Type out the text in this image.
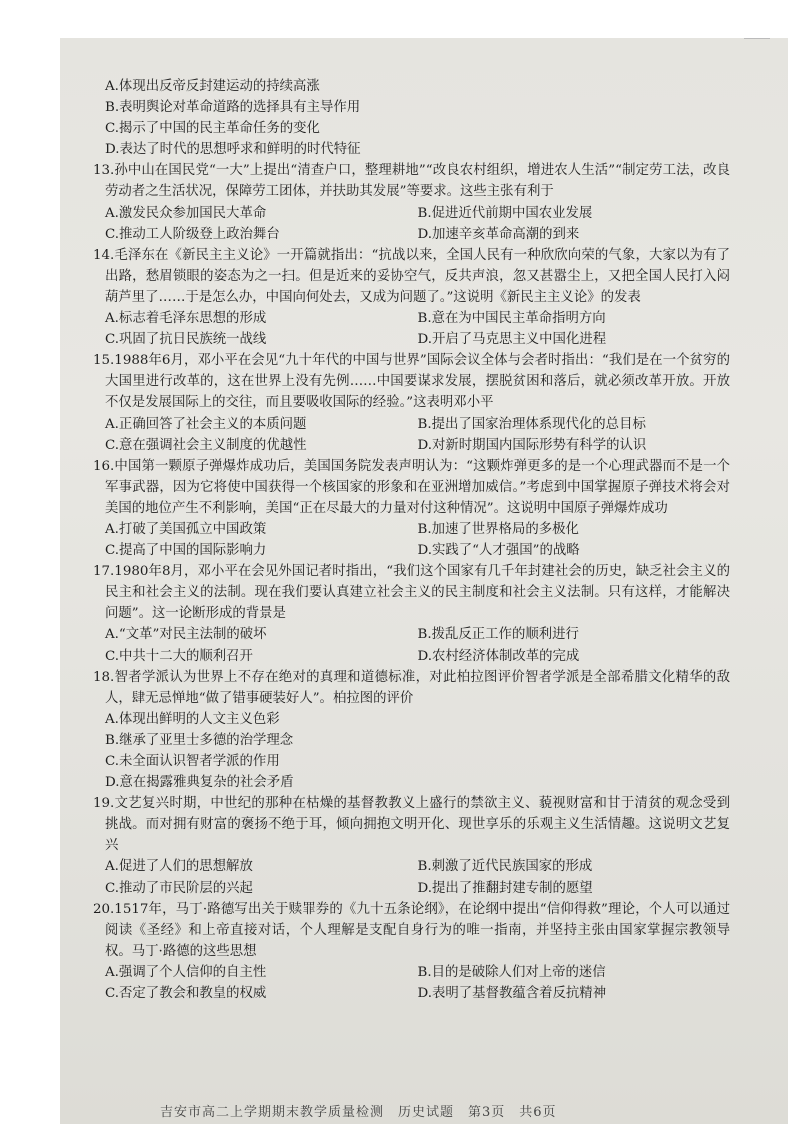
A.体现出反帝反封建运动的持续高涨
B.表明舆论对革命道路的选择具有主导作用
C.揭示了中国的民主革命任务的变化
D.表达了时代的思想呼求和鲜明的时代特征

13.孙中山在国民党“一大”上提出“清查户口，整理耕地”“改良农村组织，增进农人生活”“制定劳工法，改良劳动者之生活状况，保障劳工团体，并扶助其发展”等要求。这些主张有利于

A.激发民众参加国民大革命	B.促进近代前期中国农业发展
C.推动工人阶级登上政治舞台	D.加速辛亥革命高潮的到来

14.毛泽东在《新民主主义论》一开篇就指出：“抗战以来，全国人民有一种欣欣向荣的气象，大家以为有了出路，愁眉锁眼的姿态为之一扫。但是近来的妥协空气，反共声浪，忽又甚嚣尘上，又把全国人民打入闷葫芦里了……于是怎么办，中国向何处去，又成为问题了。”这说明《新民主主义论》的发表

A.标志着毛泽东思想的形成	B.意在为中国民主革命指明方向
C.巩固了抗日民族统一战线	D.开启了马克思主义中国化进程

15.1988年6月，邓小平在会见“九十年代的中国与世界”国际会议全体与会者时指出：“我们是在一个贫穷的大国里进行改革的，这在世界上没有先例……中国要谋求发展，摆脱贫困和落后，就必须改革开放。开放不仅是发展国际上的交往，而且要吸收国际的经验。”这表明邓小平

A.正确回答了社会主义的本质问题	B.提出了国家治理体系现代化的总目标
C.意在强调社会主义制度的优越性	D.对新时期国内国际形势有科学的认识

16.中国第一颗原子弹爆炸成功后，美国国务院发表声明认为：“这颗炸弹更多的是一个心理武器而不是一个军事武器，因为它将使中国获得一个核国家的形象和在亚洲增加威信。”考虑到中国掌握原子弹技术将会对美国的地位产生不利影响，美国“正在尽最大的力量对付这种情况”。这说明中国原子弹爆炸成功

A.打破了美国孤立中国政策	B.加速了世界格局的多极化
C.提高了中国的国际影响力	D.实践了“人才强国”的战略

17.1980年8月，邓小平在会见外国记者时指出，“我们这个国家有几千年封建社会的历史，缺乏社会主义的民主和社会主义的法制。现在我们要认真建立社会主义的民主制度和社会主义法制。只有这样，才能解决问题”。这一论断形成的背景是

A.“文革”对民主法制的破坏	B.拨乱反正工作的顺利进行
C.中共十二大的顺利召开	D.农村经济体制改革的完成

18.智者学派认为世界上不存在绝对的真理和道德标准，对此柏拉图评价智者学派是全部希腊文化精华的敌人，肆无忌惮地“做了错事硬装好人”。柏拉图的评价

A.体现出鲜明的人文主义色彩
B.继承了亚里士多德的治学理念
C.未全面认识智者学派的作用
D.意在揭露雅典复杂的社会矛盾

19.文艺复兴时期，中世纪的那种在枯燥的基督教教义上盛行的禁欲主义、藐视财富和甘于清贫的观念受到挑战。而对拥有财富的褒扬不绝于耳，倾向拥抱文明开化、现世享乐的乐观主义生活情趣。这说明文艺复兴

A.促进了人们的思想解放	B.刺激了近代民族国家的形成
C.推动了市民阶层的兴起	D.提出了推翻封建专制的愿望

20.1517年，马丁·路德写出关于赎罪券的《九十五条论纲》，在论纲中提出“信仰得救”理论，个人可以通过阅读《圣经》和上帝直接对话，个人理解是支配自身行为的唯一指南，并坚持主张由国家掌握宗教领导权。马丁·路德的这些思想

A.强调了个人信仰的自主性	B.目的是破除人们对上帝的迷信
C.否定了教会和教皇的权威	D.表明了基督教蕴含着反抗精神
吉安市高二上学期期末教学质量检测　历史试题　第3页　共6页
